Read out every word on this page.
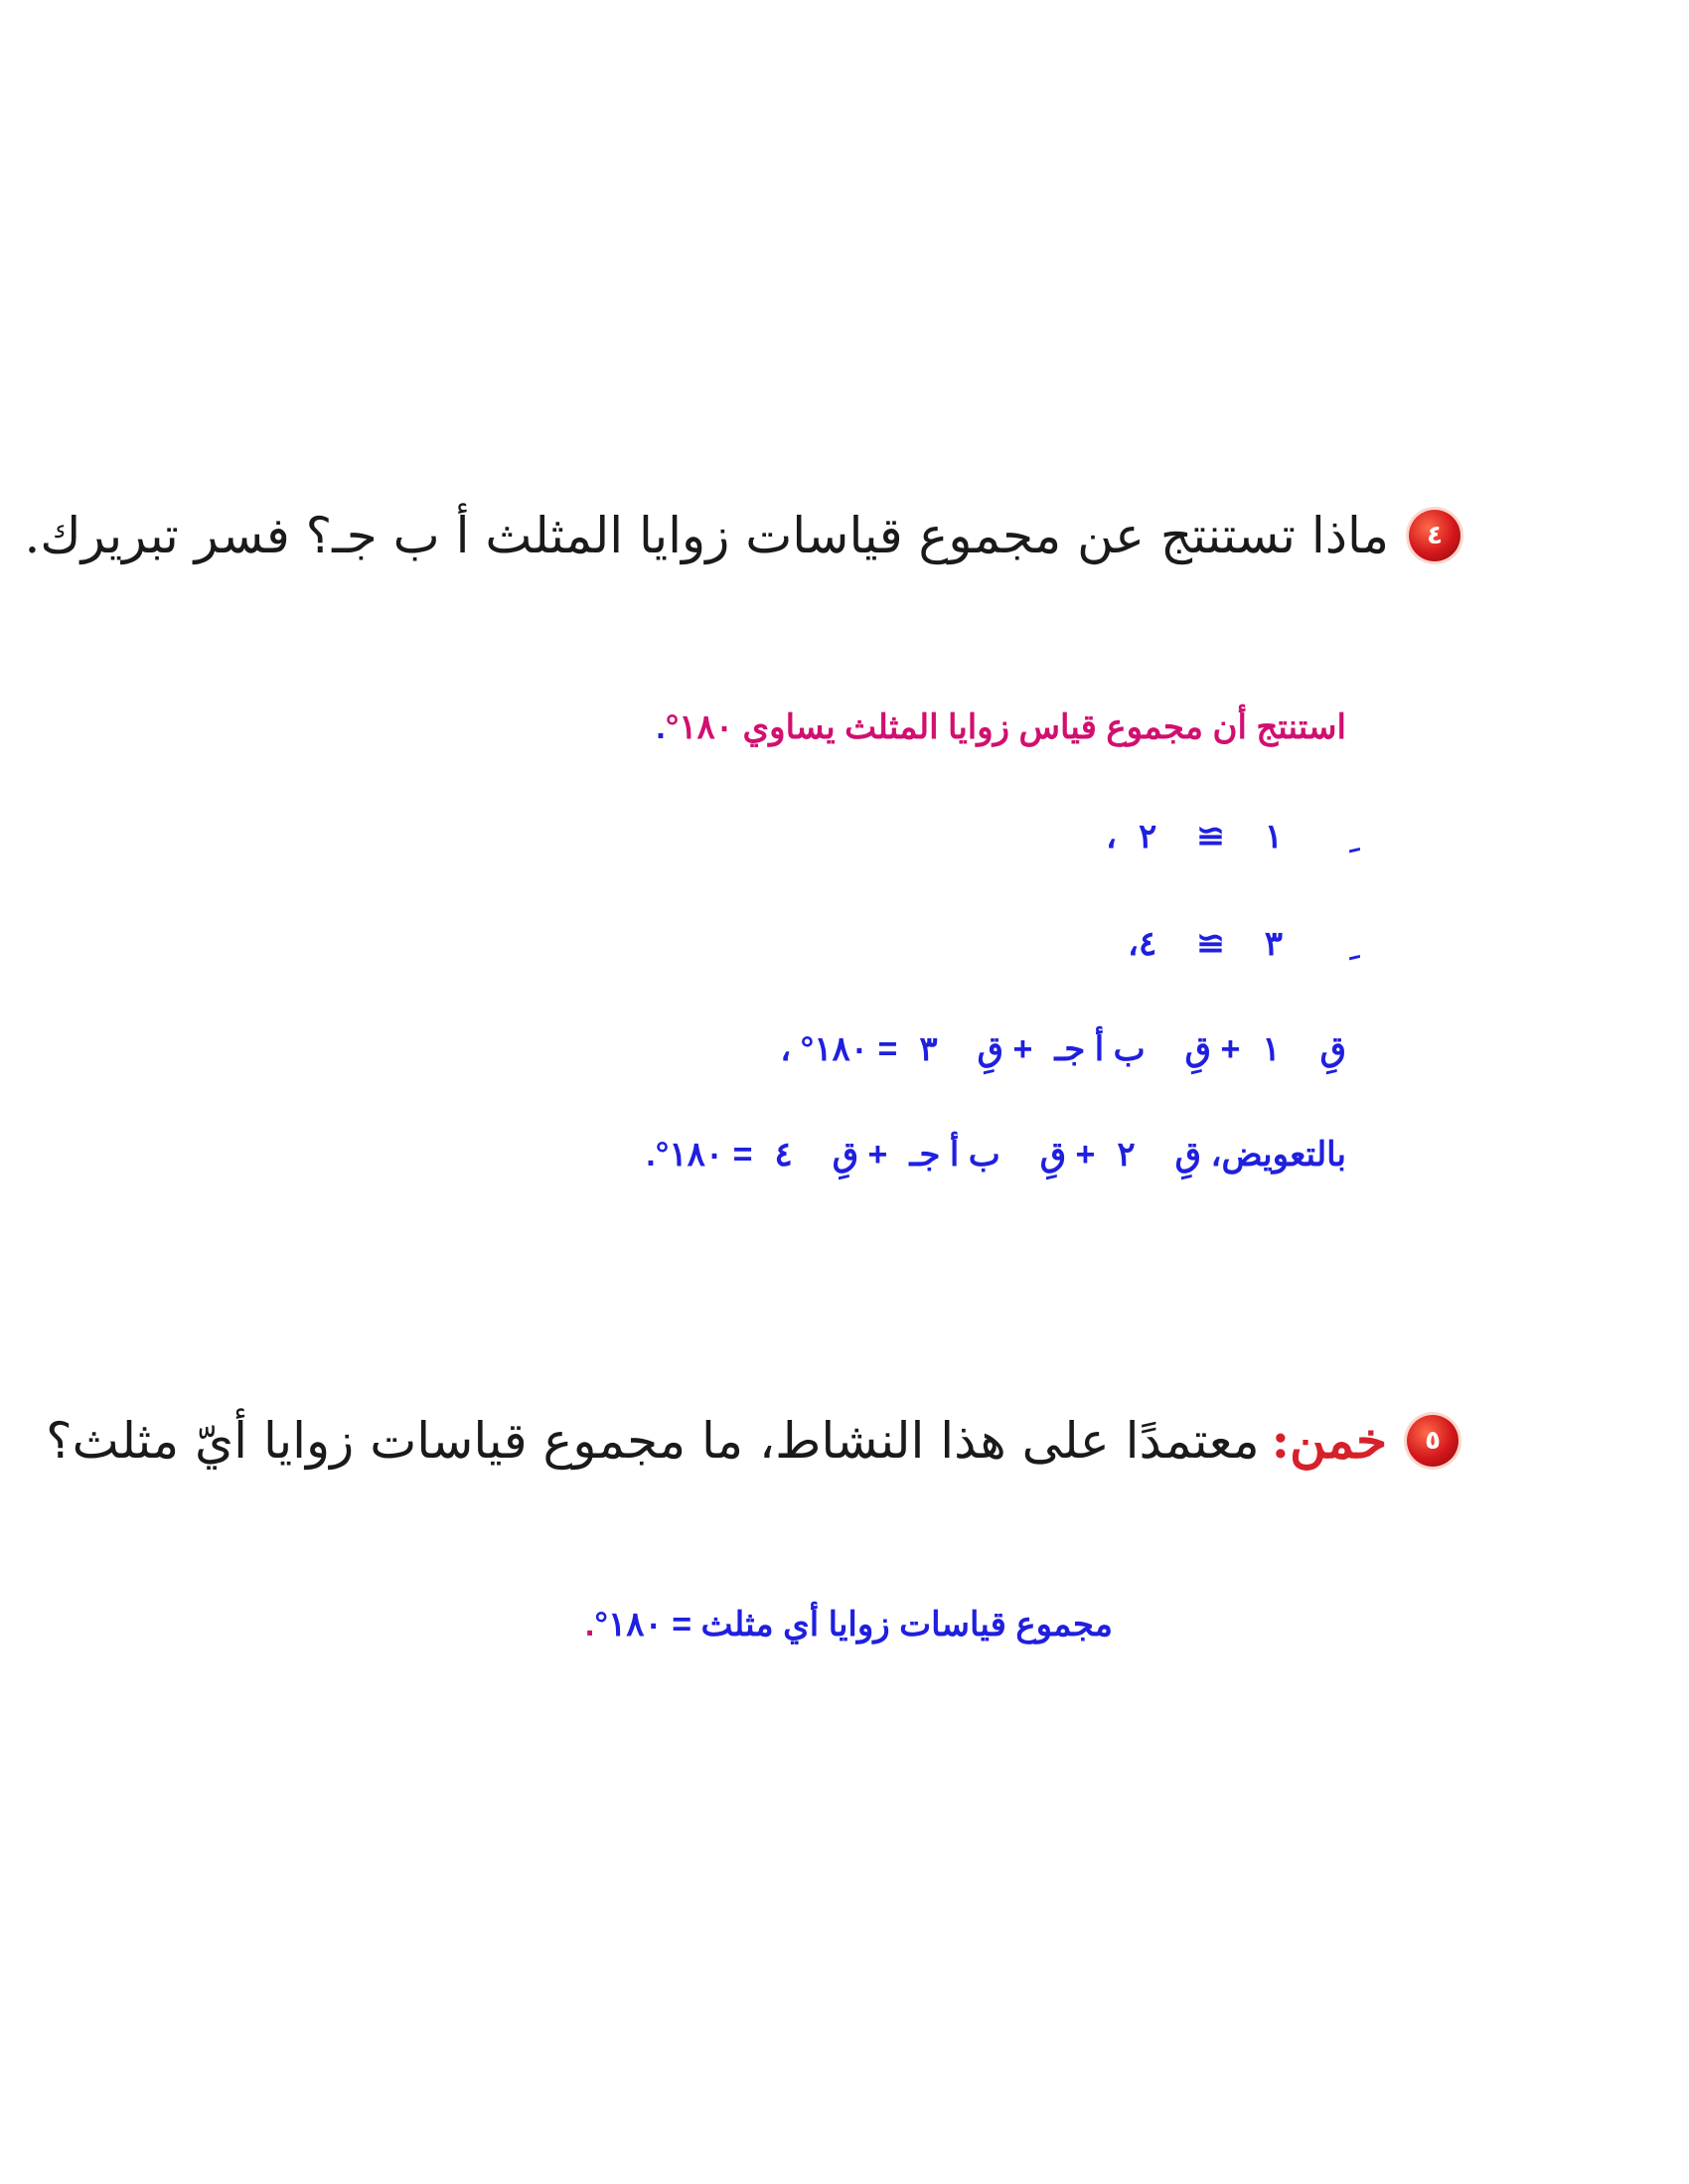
٤
ماذا تستنتج عن مجموع قياسات زوايا المثلث أ ب جـ؟ فسر تبريرك.
استنتج أن مجموع قياس زوايا المثلث يساوي ١٨٠°.
١≅٢،
٣≅٤،
قِ١+ قِب أ جـ+ قِ٣= ١٨٠° ،
بالتعويض، قِ٢+ قِب أ جـ+ قِ٤= ١٨٠°.
٥
خمن:
معتمدًا على هذا النشاط، ما مجموع قياسات زوايا أيّ مثلث؟
مجموع قياسات زوايا أي مثلث = ١٨٠°.
